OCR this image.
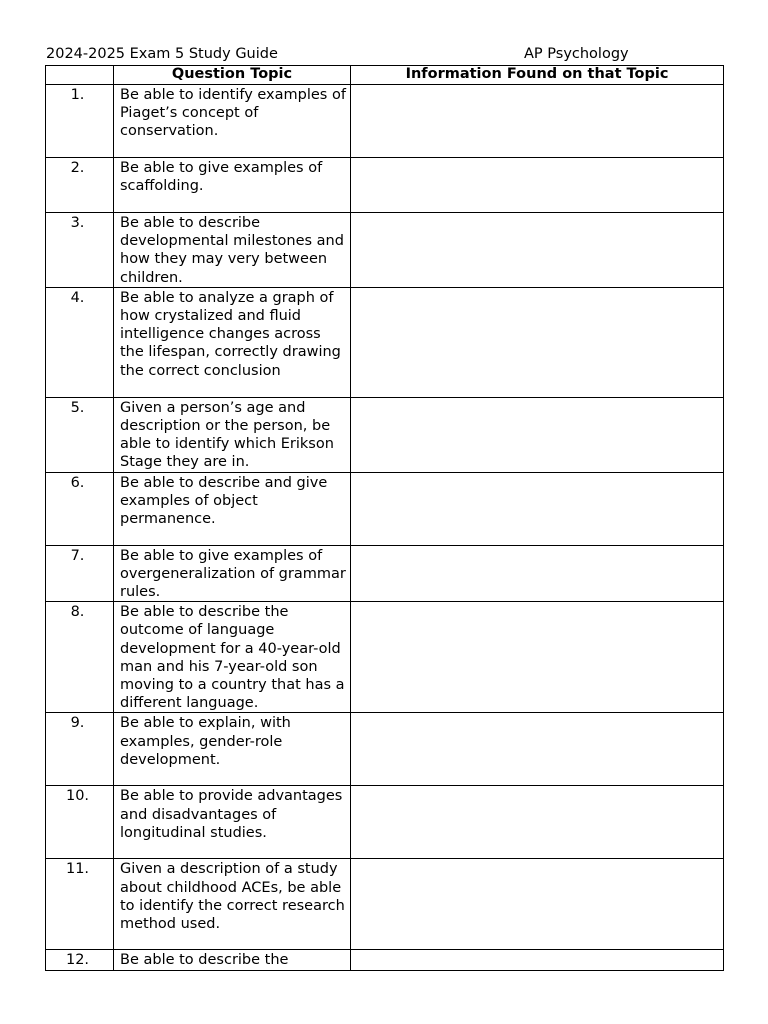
2024-2025 Exam 5 Study Guide	AP Psychology
	Question Topic	Information Found on that Topic
1.	Be able to identify examples of Piaget’s concept of conservation.	
2.	Be able to give examples of scaffolding.	
3.	Be able to describe developmental milestones and how they may very between children.	
4.	Be able to analyze a graph of how crystalized and fluid intelligence changes across the lifespan, correctly drawing the correct conclusion	
5.	Given a person’s age and description or the person, be able to identify which Erikson Stage they are in.	
6.	Be able to describe and give examples of object permanence.	
7.	Be able to give examples of overgeneralization of grammar rules.	
8.	Be able to describe the outcome of language development for a 40-year-old man and his 7-year-old son moving to a country that has a different language.	
9.	Be able to explain, with examples, gender-role development.	
10.	Be able to provide advantages and disadvantages of longitudinal studies.	
11.	Given a description of a study about childhood ACEs, be able to identify the correct research method used.	
12.	Be able to describe the	
